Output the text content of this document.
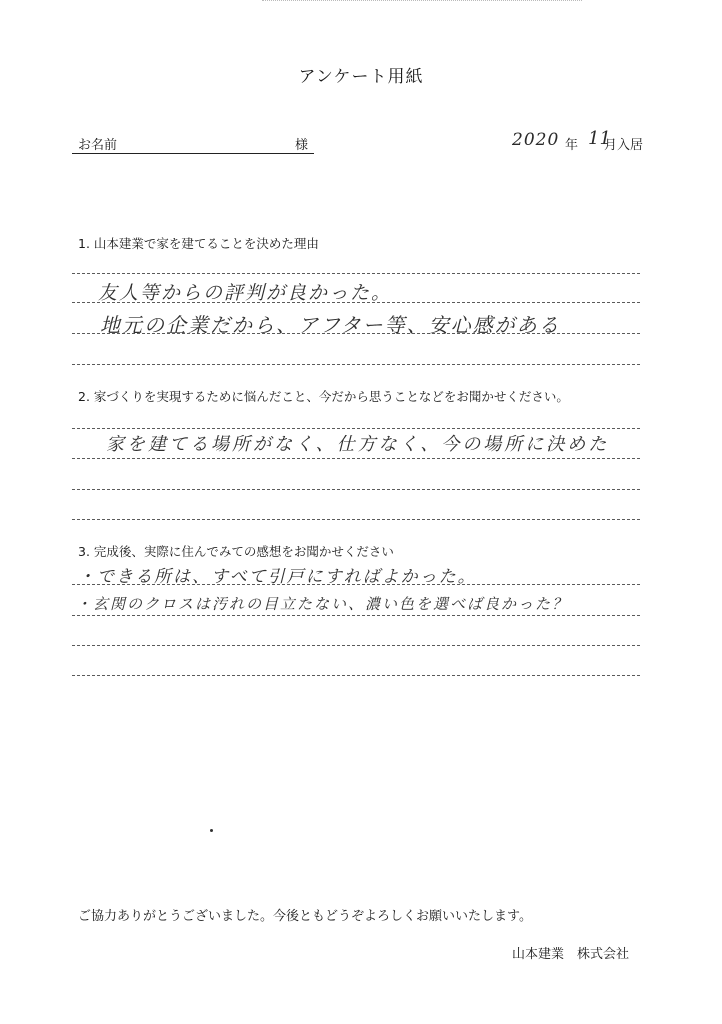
アンケート用紙
お名前	様	2020 年 11
月入居
1. 山本建業で家を建てることを決めた理由
友人等からの評判が良かった。
地元の企業だから、アフター等、安心感がある
2. 家づくりを実現するために悩んだこと、今だから思うことなどをお聞かせください。
家を建てる場所がなく、仕方なく、今の場所に決めた
3. 完成後、実際に住んでみての感想をお聞かせください
・できる所は、すべて引戸にすればよかった。
・玄関のクロスは汚れの目立たない、濃い色を選べば良かった？
ご協力ありがとうございました。今後ともどうぞよろしくお願いいたします。
山本建業　株式会社
